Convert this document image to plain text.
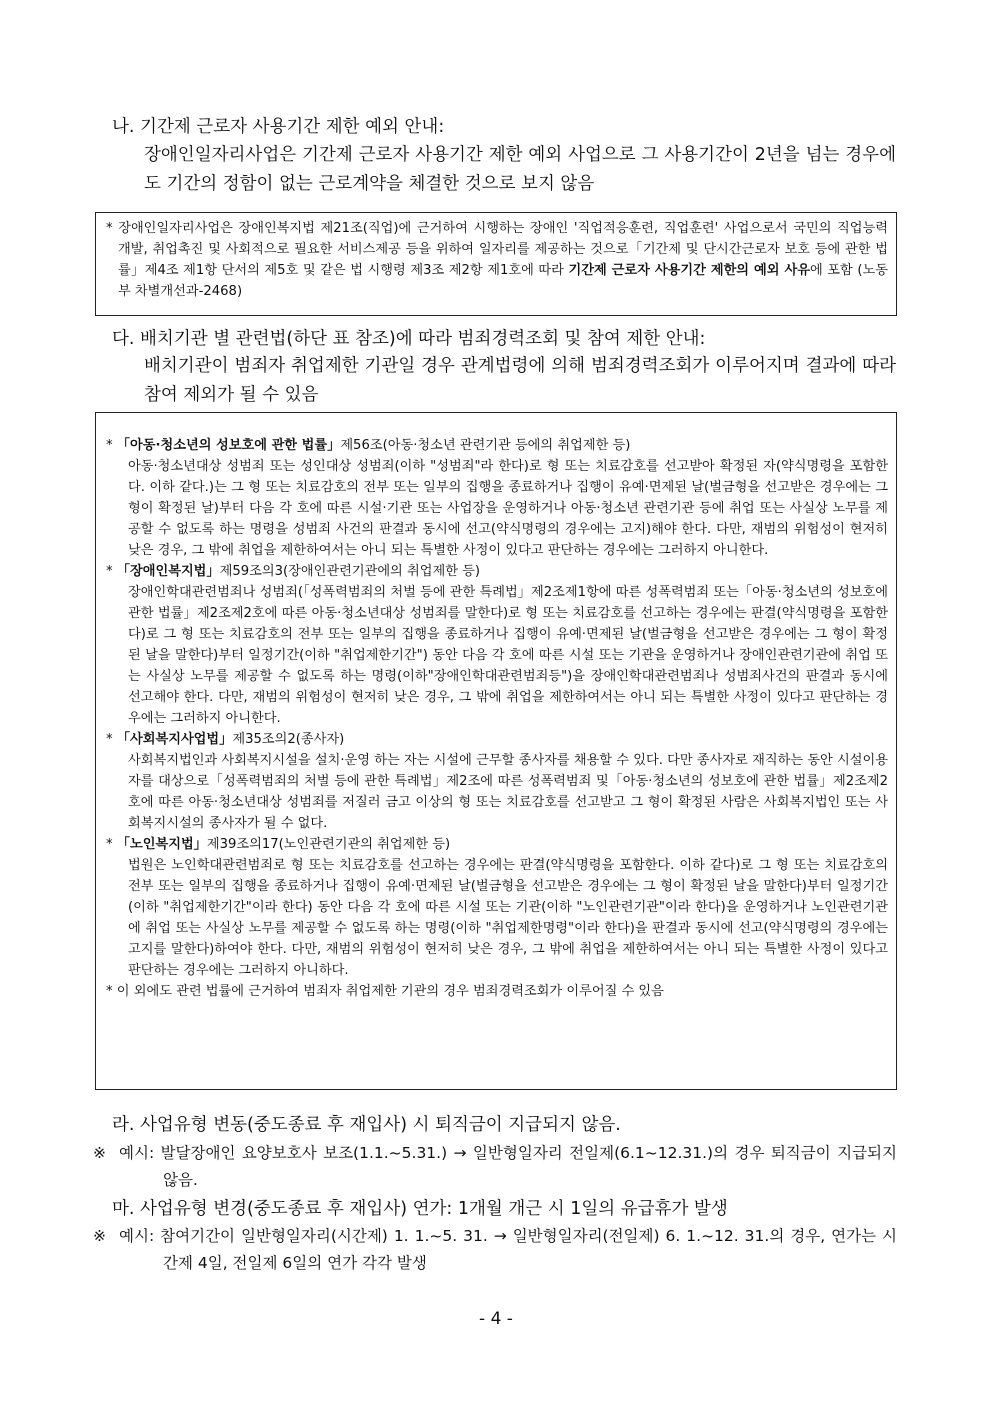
나. 기간제 근로자 사용기간 제한 예외 안내:
장애인일자리사업은 기간제 근로자 사용기간 제한 예외 사업으로 그 사용기간이 2년을 넘는 경우에도 기간의 정함이 없는 근로계약을 체결한 것으로 보지 않음

* 장애인일자리사업은 장애인복지법 제21조(직업)에 근거하여 시행하는 장애인 '직업적응훈련, 직업훈련' 사업으로서 국민의 직업능력 개발, 취업촉진 및 사회적으로 필요한 서비스제공 등을 위하여 일자리를 제공하는 것으로「기간제 및 단시간근로자 보호 등에 관한 법률」제4조 제1항 단서의 제5호 및 같은 법 시행령 제3조 제2항 제1호에 따라 기간제 근로자 사용기간 제한의 예외 사유에 포함 (노동부 차별개선과-2468)

다. 배치기관 별 관련법(하단 표 참조)에 따라 범죄경력조회 및 참여 제한 안내:
배치기관이 범죄자 취업제한 기관일 경우 관계법령에 의해 범죄경력조회가 이루어지며 결과에 따라 참여 제외가 될 수 있음

* 「아동·청소년의 성보호에 관한 법률」제56조(아동·청소년 관련기관 등에의 취업제한 등)

아동·청소년대상 성범죄 또는 성인대상 성범죄(이하 "성범죄"라 한다)로 형 또는 치료감호를 선고받아 확정된 자(약식명령을 포함한다. 이하 같다.)는 그 형 또는 치료감호의 전부 또는 일부의 집행을 종료하거나 집행이 유예·면제된 날(벌금형을 선고받은 경우에는 그 형이 확정된 날)부터 다음 각 호에 따른 시설·기관 또는 사업장을 운영하거나 아동·청소년 관련기관 등에 취업 또는 사실상 노무를 제공할 수 없도록 하는 명령을 성범죄 사건의 판결과 동시에 선고(약식명령의 경우에는 고지)해야 한다. 다만, 재범의 위험성이 현저히 낮은 경우, 그 밖에 취업을 제한하여서는 아니 되는 특별한 사정이 있다고 판단하는 경우에는 그러하지 아니한다.

* 「장애인복지법」제59조의3(장애인관련기관에의 취업제한 등)

장애인학대관련범죄나 성범죄(「성폭력범죄의 처벌 등에 관한 특례법」제2조제1항에 따른 성폭력범죄 또는「아동·청소년의 성보호에 관한 법률」제2조제2호에 따른 아동·청소년대상 성범죄를 말한다)로 형 또는 치료감호를 선고하는 경우에는 판결(약식명령을 포함한다)로 그 형 또는 치료감호의 전부 또는 일부의 집행을 종료하거나 집행이 유예·면제된 날(벌금형을 선고받은 경우에는 그 형이 확정된 날을 말한다)부터 일정기간(이하 "취업제한기간") 동안 다음 각 호에 따른 시설 또는 기관을 운영하거나 장애인관련기관에 취업 또는 사실상 노무를 제공할 수 없도록 하는 명령(이하"장애인학대관련범죄등")을 장애인학대관련범죄나 성범죄사건의 판결과 동시에 선고해야 한다. 다만, 재범의 위험성이 현저히 낮은 경우, 그 밖에 취업을 제한하여서는 아니 되는 특별한 사정이 있다고 판단하는 경우에는 그러하지 아니한다.

* 「사회복지사업법」제35조의2(종사자)

사회복지법인과 사회복지시설을 설치·운영 하는 자는 시설에 근무할 종사자를 채용할 수 있다. 다만 종사자로 재직하는 동안 시설이용자를 대상으로「성폭력범죄의 처벌 등에 관한 특례법」제2조에 따른 성폭력범죄 및「아동·청소년의 성보호에 관한 법률」제2조제2호에 따른 아동·청소년대상 성범죄를 저질러 금고 이상의 형 또는 치료감호를 선고받고 그 형이 확정된 사람은 사회복지법인 또는 사회복지시설의 종사자가 될 수 없다.

* 「노인복지법」제39조의17(노인관련기관의 취업제한 등)

법원은 노인학대관련범죄로 형 또는 치료감호를 선고하는 경우에는 판결(약식명령을 포함한다. 이하 같다)로 그 형 또는 치료감호의 전부 또는 일부의 집행을 종료하거나 집행이 유예·면제된 날(벌금형을 선고받은 경우에는 그 형이 확정된 날을 말한다)부터 일정기간(이하 "취업제한기간"이라 한다) 동안 다음 각 호에 따른 시설 또는 기관(이하 "노인관련기관"이라 한다)을 운영하거나 노인관련기관에 취업 또는 사실상 노무를 제공할 수 없도록 하는 명령(이하 "취업제한명령"이라 한다)을 판결과 동시에 선고(약식명령의 경우에는 고지를 말한다)하여야 한다. 다만, 재범의 위험성이 현저히 낮은 경우, 그 밖에 취업을 제한하여서는 아니 되는 특별한 사정이 있다고 판단하는 경우에는 그러하지 아니하다.

* 이 외에도 관련 법률에 근거하여 범죄자 취업제한 기관의 경우 범죄경력조회가 이루어질 수 있음

라. 사업유형 변동(중도종료 후 재입사) 시 퇴직금이 지급되지 않음.
※ 예시: 발달장애인 요양보호사 보조(1.1.~5.31.) → 일반형일자리 전일제(6.1~12.31.)의 경우 퇴직금이 지급되지 않음.
마. 사업유형 변경(중도종료 후 재입사) 연가: 1개월 개근 시 1일의 유급휴가 발생
※ 예시: 참여기간이 일반형일자리(시간제) 1. 1.~5. 31. → 일반형일자리(전일제) 6. 1.~12. 31.의 경우, 연가는 시간제 4일, 전일제 6일의 연가 각각 발생
- 4 -
